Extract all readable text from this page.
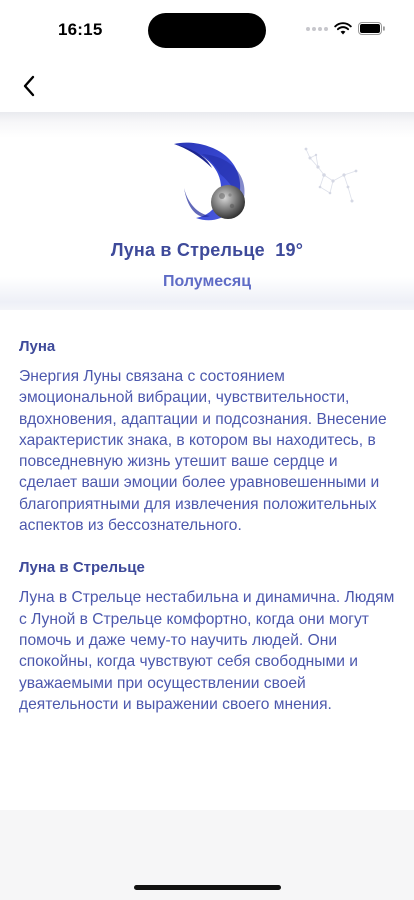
16:15
Луна в Стрельце  19°
Полумесяц
Луна
Энергия Луны связана с состоянием эмоциональной вибрации, чувствительности, вдохновения, адаптации и подсознания. Внесение характеристик знака, в котором вы находитесь, в повседневную жизнь утешит ваше сердце и сделает ваши эмоции более уравновешенными и благоприятными для извлечения положительных аспектов из бессознательного.
Луна в Стрельце
Луна в Стрельце нестабильна и динамична. Людям с Луной в Стрельце комфортно, когда они могут помочь и даже чему-то научить людей. Они спокойны, когда чувствуют себя свободными и уважаемыми при осуществлении своей деятельности и выражении своего мнения.
